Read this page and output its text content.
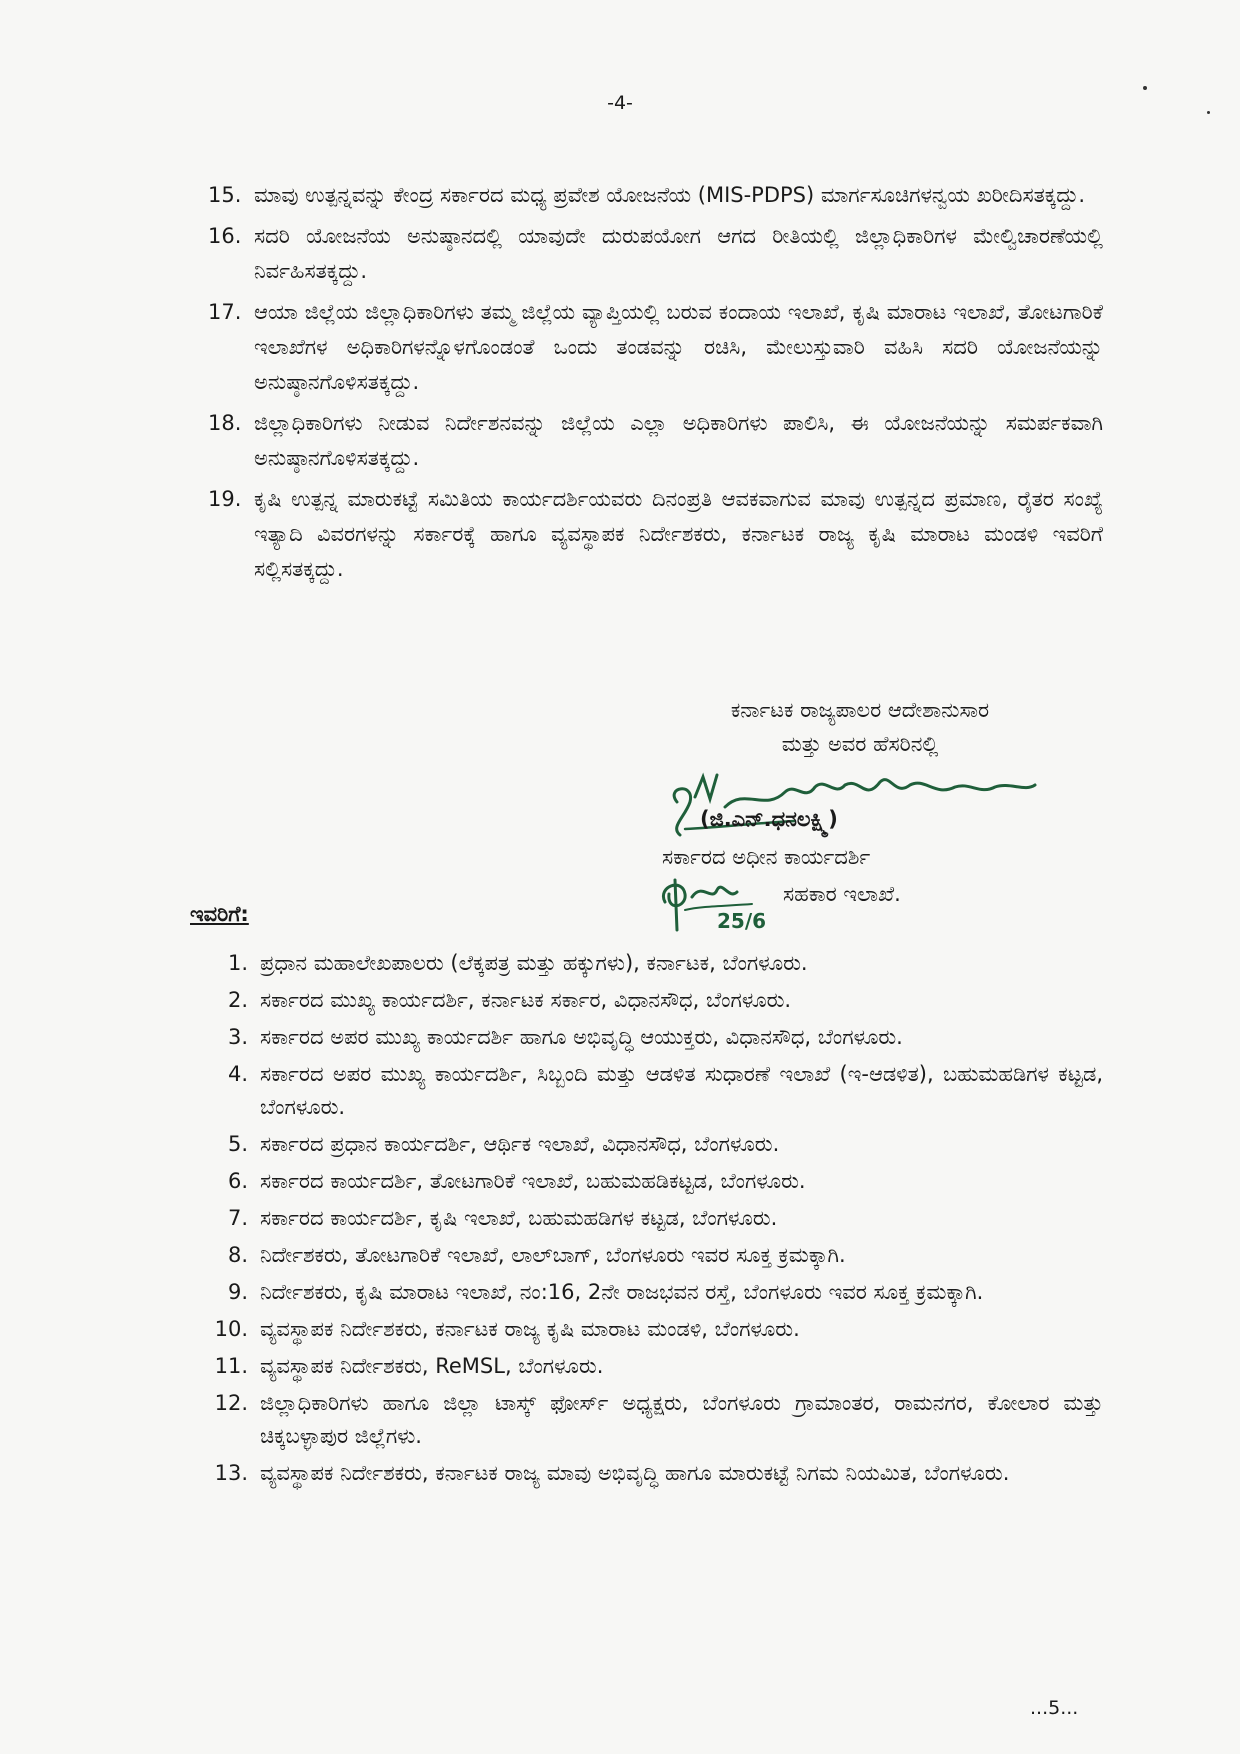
-4-
15. ಮಾವು ಉತ್ಪನ್ನವನ್ನು ಕೇಂದ್ರ ಸರ್ಕಾರದ ಮಧ್ಯ ಪ್ರವೇಶ ಯೋಜನೆಯ (MIS-PDPS) ಮಾರ್ಗಸೂಚಿಗಳನ್ವಯ ಖರೀದಿಸತಕ್ಕದ್ದು.
16. ಸದರಿ ಯೋಜನೆಯ ಅನುಷ್ಠಾನದಲ್ಲಿ ಯಾವುದೇ ದುರುಪಯೋಗ ಆಗದ ರೀತಿಯಲ್ಲಿ ಜಿಲ್ಲಾಧಿಕಾರಿಗಳ ಮೇಲ್ವಿಚಾರಣೆಯಲ್ಲಿ ನಿರ್ವಹಿಸತಕ್ಕದ್ದು.
17. ಆಯಾ ಜಿಲ್ಲೆಯ ಜಿಲ್ಲಾಧಿಕಾರಿಗಳು ತಮ್ಮ ಜಿಲ್ಲೆಯ ವ್ಯಾಪ್ತಿಯಲ್ಲಿ ಬರುವ ಕಂದಾಯ ಇಲಾಖೆ, ಕೃಷಿ ಮಾರಾಟ ಇಲಾಖೆ, ತೋಟಗಾರಿಕೆ ಇಲಾಖೆಗಳ ಅಧಿಕಾರಿಗಳನ್ನೊಳಗೊಂಡಂತೆ ಒಂದು ತಂಡವನ್ನು ರಚಿಸಿ, ಮೇಲುಸ್ತುವಾರಿ ವಹಿಸಿ ಸದರಿ ಯೋಜನೆಯನ್ನು ಅನುಷ್ಠಾನಗೊಳಿಸತಕ್ಕದ್ದು.
18. ಜಿಲ್ಲಾಧಿಕಾರಿಗಳು ನೀಡುವ ನಿರ್ದೇಶನವನ್ನು ಜಿಲ್ಲೆಯ ಎಲ್ಲಾ ಅಧಿಕಾರಿಗಳು ಪಾಲಿಸಿ, ಈ ಯೋಜನೆಯನ್ನು ಸಮರ್ಪಕವಾಗಿ ಅನುಷ್ಠಾನಗೊಳಿಸತಕ್ಕದ್ದು.
19. ಕೃಷಿ ಉತ್ಪನ್ನ ಮಾರುಕಟ್ಟೆ ಸಮಿತಿಯ ಕಾರ್ಯದರ್ಶಿಯವರು ದಿನಂಪ್ರತಿ ಆವಕವಾಗುವ ಮಾವು ಉತ್ಪನ್ನದ ಪ್ರಮಾಣ, ರೈತರ ಸಂಖ್ಯೆ ಇತ್ಯಾದಿ ವಿವರಗಳನ್ನು ಸರ್ಕಾರಕ್ಕೆ ಹಾಗೂ ವ್ಯವಸ್ಥಾಪಕ ನಿರ್ದೇಶಕರು, ಕರ್ನಾಟಕ ರಾಜ್ಯ ಕೃಷಿ ಮಾರಾಟ ಮಂಡಳಿ ಇವರಿಗೆ ಸಲ್ಲಿಸತಕ್ಕದ್ದು.
ಕರ್ನಾಟಕ ರಾಜ್ಯಪಾಲರ ಆದೇಶಾನುಸಾರ
ಮತ್ತು ಅವರ ಹೆಸರಿನಲ್ಲಿ
(ಜಿ.ಎನ್.ಧನಲಕ್ಷ್ಮಿ)
ಸರ್ಕಾರದ ಅಧೀನ ಕಾರ್ಯದರ್ಶಿ
25/6
ಸಹಕಾರ ಇಲಾಖೆ.
ಇವರಿಗೆ:
1. ಪ್ರಧಾನ ಮಹಾಲೇಖಪಾಲರು (ಲೆಕ್ಕಪತ್ರ ಮತ್ತು ಹಕ್ಕುಗಳು), ಕರ್ನಾಟಕ, ಬೆಂಗಳೂರು.
2. ಸರ್ಕಾರದ ಮುಖ್ಯ ಕಾರ್ಯದರ್ಶಿ, ಕರ್ನಾಟಕ ಸರ್ಕಾರ, ವಿಧಾನಸೌಧ, ಬೆಂಗಳೂರು.
3. ಸರ್ಕಾರದ ಅಪರ ಮುಖ್ಯ ಕಾರ್ಯದರ್ಶಿ ಹಾಗೂ ಅಭಿವೃದ್ಧಿ ಆಯುಕ್ತರು, ವಿಧಾನಸೌಧ, ಬೆಂಗಳೂರು.
4. ಸರ್ಕಾರದ ಅಪರ ಮುಖ್ಯ ಕಾರ್ಯದರ್ಶಿ, ಸಿಬ್ಬಂದಿ ಮತ್ತು ಆಡಳಿತ ಸುಧಾರಣೆ ಇಲಾಖೆ (ಇ-ಆಡಳಿತ), ಬಹುಮಹಡಿಗಳ ಕಟ್ಟಡ, ಬೆಂಗಳೂರು.
5. ಸರ್ಕಾರದ ಪ್ರಧಾನ ಕಾರ್ಯದರ್ಶಿ, ಆರ್ಥಿಕ ಇಲಾಖೆ, ವಿಧಾನಸೌಧ, ಬೆಂಗಳೂರು.
6. ಸರ್ಕಾರದ ಕಾರ್ಯದರ್ಶಿ, ತೋಟಗಾರಿಕೆ ಇಲಾಖೆ, ಬಹುಮಹಡಿಕಟ್ಟಡ, ಬೆಂಗಳೂರು.
7. ಸರ್ಕಾರದ ಕಾರ್ಯದರ್ಶಿ, ಕೃಷಿ ಇಲಾಖೆ, ಬಹುಮಹಡಿಗಳ ಕಟ್ಟಡ, ಬೆಂಗಳೂರು.
8. ನಿರ್ದೇಶಕರು, ತೋಟಗಾರಿಕೆ ಇಲಾಖೆ, ಲಾಲ್‌ಬಾಗ್, ಬೆಂಗಳೂರು ಇವರ ಸೂಕ್ತ ಕ್ರಮಕ್ಕಾಗಿ.
9. ನಿರ್ದೇಶಕರು, ಕೃಷಿ ಮಾರಾಟ ಇಲಾಖೆ, ನಂ:16, 2ನೇ ರಾಜಭವನ ರಸ್ತೆ, ಬೆಂಗಳೂರು ಇವರ ಸೂಕ್ತ ಕ್ರಮಕ್ಕಾಗಿ.
10. ವ್ಯವಸ್ಥಾಪಕ ನಿರ್ದೇಶಕರು, ಕರ್ನಾಟಕ ರಾಜ್ಯ ಕೃಷಿ ಮಾರಾಟ ಮಂಡಳಿ, ಬೆಂಗಳೂರು.
11. ವ್ಯವಸ್ಥಾಪಕ ನಿರ್ದೇಶಕರು, ReMSL, ಬೆಂಗಳೂರು.
12. ಜಿಲ್ಲಾಧಿಕಾರಿಗಳು ಹಾಗೂ ಜಿಲ್ಲಾ ಟಾಸ್ಕ್ ಫೋರ್ಸ್ ಅಧ್ಯಕ್ಷರು, ಬೆಂಗಳೂರು ಗ್ರಾಮಾಂತರ, ರಾಮನಗರ, ಕೋಲಾರ ಮತ್ತು ಚಿಕ್ಕಬಳ್ಳಾಪುರ ಜಿಲ್ಲೆಗಳು.
13. ವ್ಯವಸ್ಥಾಪಕ ನಿರ್ದೇಶಕರು, ಕರ್ನಾಟಕ ರಾಜ್ಯ ಮಾವು ಅಭಿವೃದ್ಧಿ ಹಾಗೂ ಮಾರುಕಟ್ಟೆ ನಿಗಮ ನಿಯಮಿತ, ಬೆಂಗಳೂರು.
...5...
